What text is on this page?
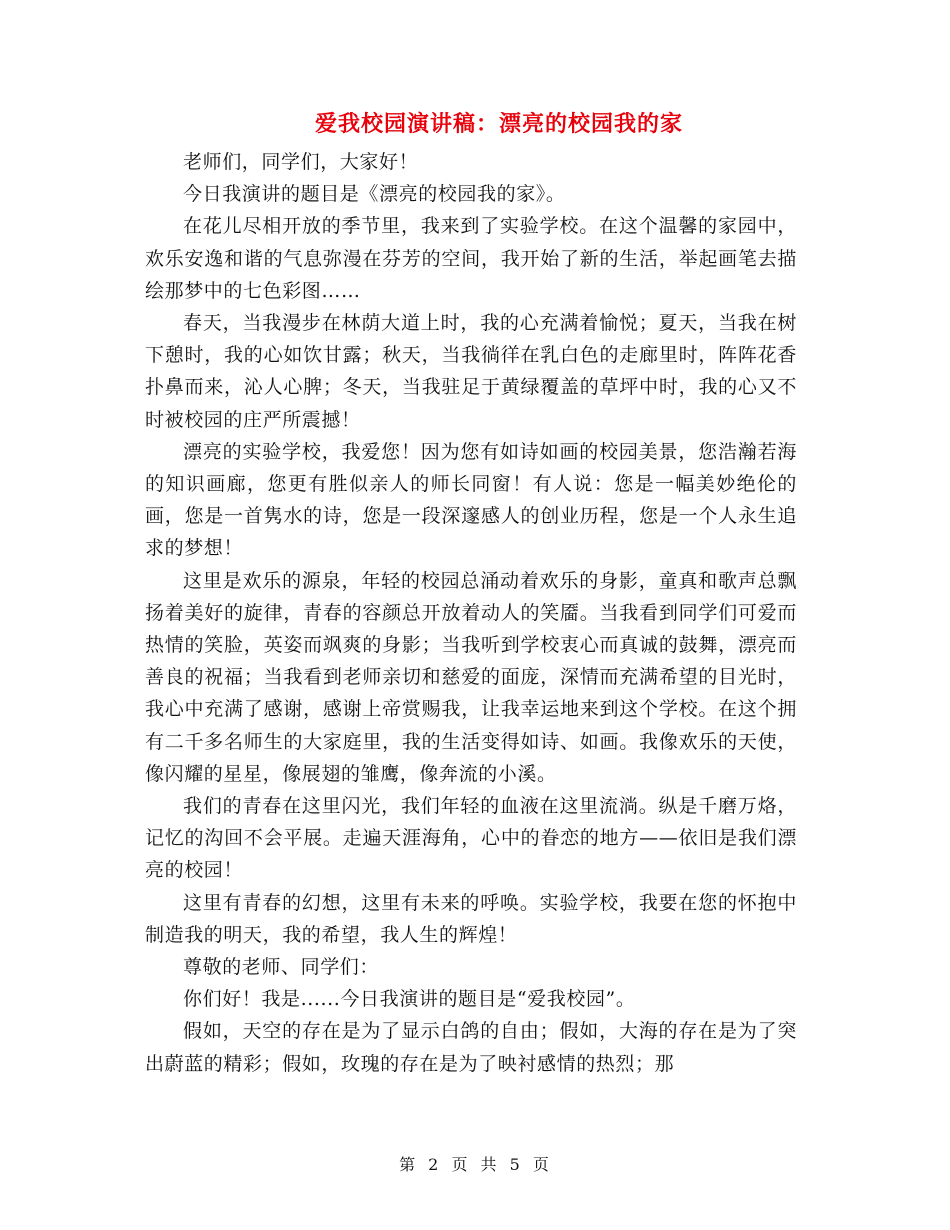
爱我校园演讲稿：漂亮的校园我的家

老师们，同学们，大家好！

今日我演讲的题目是《漂亮的校园我的家》。

在花儿尽相开放的季节里，我来到了实验学校。在这个温馨的家园中，欢乐安逸和谐的气息弥漫在芬芳的空间，我开始了新的生活，举起画笔去描绘那梦中的七色彩图……

春天，当我漫步在林荫大道上时，我的心充满着愉悦；夏天，当我在树下憩时，我的心如饮甘露；秋天，当我徜徉在乳白色的走廊里时，阵阵花香扑鼻而来，沁人心脾；冬天，当我驻足于黄绿覆盖的草坪中时，我的心又不时被校园的庄严所震撼！

漂亮的实验学校，我爱您！因为您有如诗如画的校园美景，您浩瀚若海的知识画廊，您更有胜似亲人的师长同窗！有人说：您是一幅美妙绝伦的画，您是一首隽水的诗，您是一段深邃感人的创业历程，您是一个人永生追求的梦想！

这里是欢乐的源泉，年轻的校园总涌动着欢乐的身影，童真和歌声总飘扬着美好的旋律，青春的容颜总开放着动人的笑靥。当我看到同学们可爱而热情的笑脸，英姿而飒爽的身影；当我听到学校衷心而真诚的鼓舞，漂亮而善良的祝福；当我看到老师亲切和慈爱的面庞，深情而充满希望的目光时，我心中充满了感谢，感谢上帝赏赐我，让我幸运地来到这个学校。在这个拥有二千多名师生的大家庭里，我的生活变得如诗、如画。我像欢乐的天使，像闪耀的星星，像展翅的雏鹰，像奔流的小溪。

我们的青春在这里闪光，我们年轻的血液在这里流淌。纵是千磨万烙，记忆的沟回不会平展。走遍天涯海角，心中的眷恋的地方——依旧是我们漂亮的校园！

这里有青春的幻想，这里有未来的呼唤。实验学校，我要在您的怀抱中制造我的明天，我的希望，我人生的辉煌！

尊敬的老师、同学们：

你们好！我是......今日我演讲的题目是“爱我校园”。

假如，天空的存在是为了显示白鸽的自由；假如，大海的存在是为了突出蔚蓝的精彩；假如，玫瑰的存在是为了映衬感情的热烈；那

第 2 页 共 5 页
